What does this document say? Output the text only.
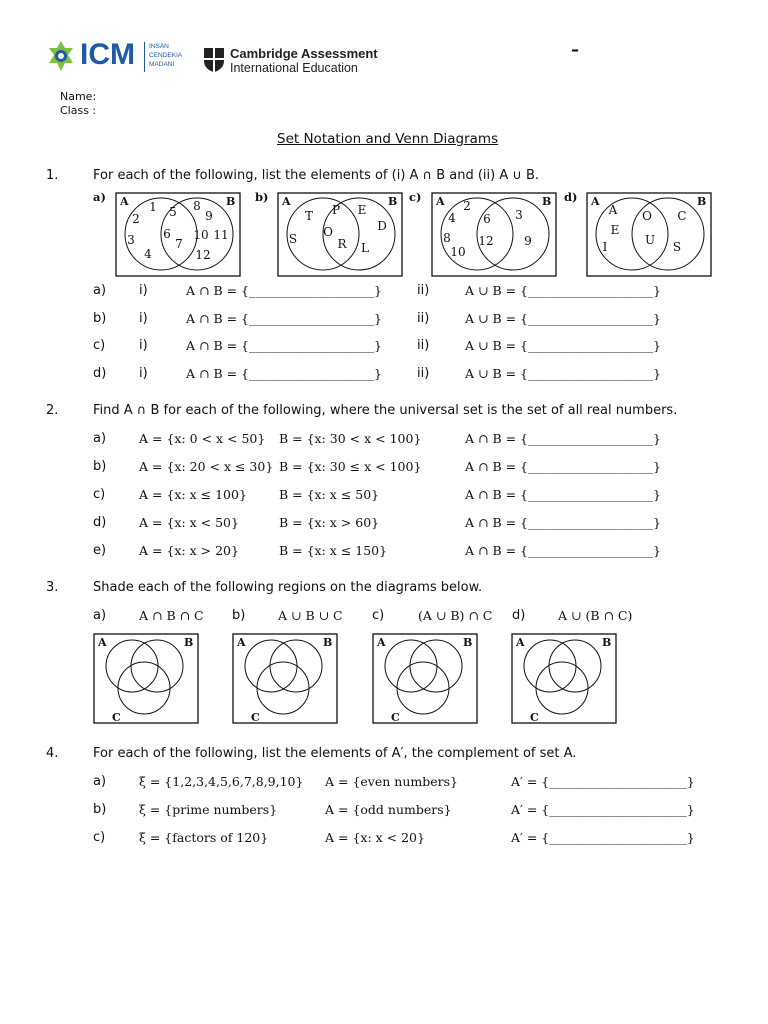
ICM INSAN
CENDEKIA
MADANI
Cambridge Assessment
International Education
–
Name:
Class :
Set Notation and Venn Diagrams
1.	For each of the following, list the elements of (i) A ∩ B and (ii) A ∪ B.
a) A	B
1
2
3
4
5
6
7
8
9
10 11
12
b) A	B
T
S
P
O
R
E
D
L
c) A	B
2
4
8
10
6
12
3
9
d) A	B
A
E
I
O
U
C
S
a)	i)	A ∩ B = {____________________}	ii)	A ∪ B = {____________________}
b)	i)	A ∩ B = {____________________}	ii)	A ∪ B = {____________________}
c)	i)	A ∩ B = {____________________}	ii)	A ∪ B = {____________________}
d)	i)	A ∩ B = {____________________}	ii)	A ∪ B = {____________________}
2.	Find A ∩ B for each of the following, where the universal set is the set of all real numbers.
a)	A = {x: 0 < x < 50} B = {x: 30 < x < 100}	A ∩ B = {____________________}
b)	A = {x: 20 < x ≤ 30} B = {x: 30 ≤ x < 100}	A ∩ B = {____________________}
c)	A = {x: x ≤ 100}	B = {x: x ≤ 50}	A ∩ B = {____________________}
d)	A = {x: x < 50}	B = {x: x > 60}	A ∩ B = {____________________}
e)	A = {x: x > 20}	B = {x: x ≤ 150}	A ∩ B = {____________________}
3.	Shade each of the following regions on the diagrams below.
a)	A ∩ B ∩ C b)	A ∪ B ∪ C c)	(A ∪ B) ∩ C d)	A ∪ (B ∩ C)
A	B
C
A	B
C
A	B
C
A	B
C
4.	For each of the following, list the elements of A′, the complement of set A.
a)	ξ = {1,2,3,4,5,6,7,8,9,10} A = {even numbers}	A′ = {______________________}
b)	ξ = {prime numbers}	A = {odd numbers}	A′ = {______________________}
c)	ξ = {factors of 120}	A = {x: x < 20}	A′ = {______________________}
